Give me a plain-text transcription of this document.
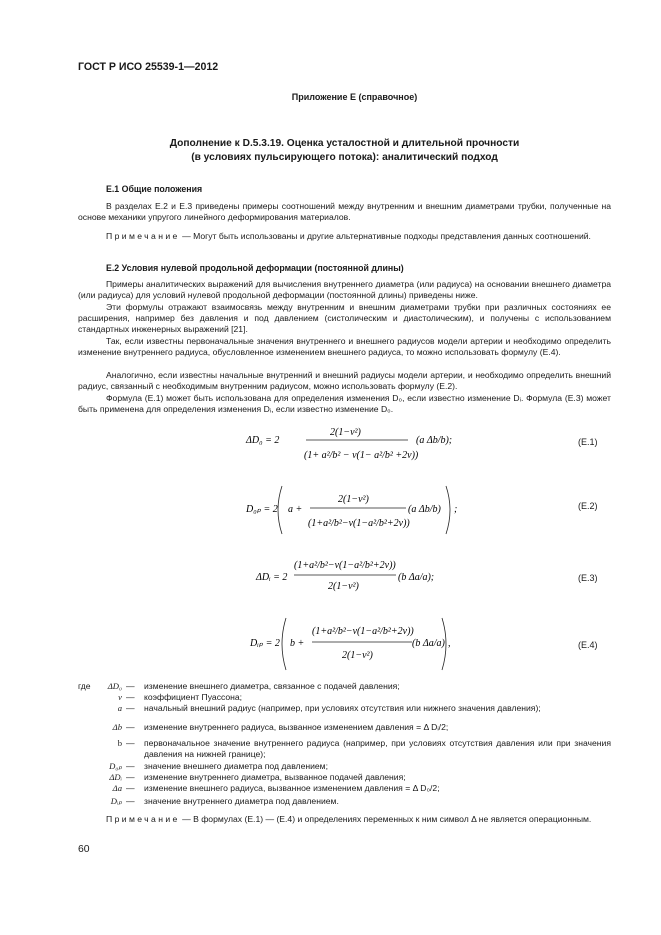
ГОСТ Р ИСО 25539-1—2012
Приложение Е (справочное)
Дополнение к D.5.3.19. Оценка усталостной и длительной прочности
(в условиях пульсирующего потока): аналитический подход
Е.1 Общие положения
В разделах Е.2 и Е.3 приведены примеры соотношений между внутренним и внешним диаметрами трубки, полученные на основе механики упругого линейного деформирования материалов.
Примечание — Могут быть использованы и другие альтернативные подходы представления данных соотношений.
Е.2 Условия нулевой продольной деформации (постоянной длины)
Примеры аналитических выражений для вычисления внутреннего диаметра (или радиуса) на основании внешнего диаметра (или радиуса) для условий нулевой продольной деформации (постоянной длины) приведены ниже.
Эти формулы отражают взаимосвязь между внутренним и внешним диаметрами трубки при различных состояниях ее расширения, например без давления и под давлением (систолическим и диастолическим), и получены с использованием стандартных инженерных выражений [21].
Так, если известны первоначальные значения внутреннего и внешнего радиусов модели артерии и необходимо определить изменение внутреннего радиуса, обусловленное изменением внешнего радиуса, то можно использовать формулу (Е.4).
Аналогично, если известны начальные внутренний и внешний радиусы модели артерии, и необходимо определить внешний радиус, связанный с необходимым внутренним радиусом, можно использовать формулу (Е.2).
Формула (Е.1) может быть использована для определения изменения D₀, если известно изменение Dᵢ. Формула (Е.3) может быть применена для определения изменения Dᵢ, если известно изменение D₀.
ΔD₀ = 2
2(1−ν²)
(1+ a²/b² − ν(1− a²/b² +2ν))
(a Δb/b);	(Е.1)
D₀ₚ = 2 a +
2(1−ν²)
(1+a²/b²−ν(1−a²/b²+2ν))
(a Δb/b) ;	(Е.2)
ΔDᵢ = 2
(1+a²/b²−ν(1−a²/b²+2ν))
2(1−ν²)
(b Δa/a);	(Е.3)
Dᵢₚ = 2 b +
(1+a²/b²−ν(1−a²/b²+2ν))
2(1−ν²)
(b Δa/a) ,	(Е.4)
где	ΔD₀ — изменение внешнего диаметра, связанное с подачей давления;
ν — коэффициент Пуассона;
a — начальный внешний радиус (например, при условиях отсутствия или нижнего значения давления);
Δb — изменение внутреннего радиуса, вызванное изменением давления = Δ Dᵢ/2;
b — первоначальное значение внутреннего радиуса (например, при условиях отсутствия давления или при значения давления на нижней границе);
D₀ₚ — значение внешнего диаметра под давлением;
ΔDᵢ — изменение внутреннего диаметра, вызванное подачей давления;
Δa — изменение внешнего радиуса, вызванное изменением давления = Δ D₀/2;
Dᵢₚ — значение внутреннего диаметра под давлением.
Примечание — В формулах (Е.1) — (Е.4) и определениях переменных к ним символ Δ не является операционным.
60
